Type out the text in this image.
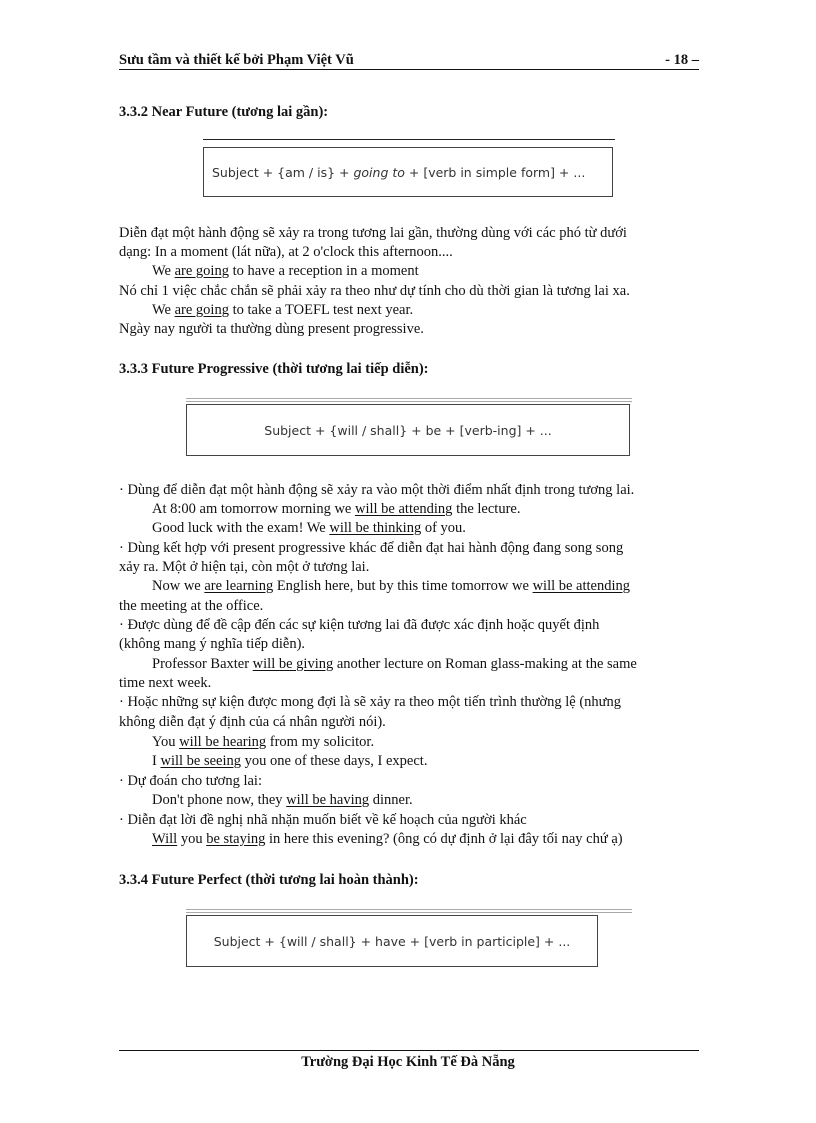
Sưu tầm và thiết kế bởi Phạm Việt Vũ	- 18 –
3.3.2 Near Future (tương lai gần):
Subject + {am / is} + going to + [verb in simple form] + ...
Diễn đạt một hành động sẽ xảy ra trong tương lai gần, thường dùng với các phó từ dưới
dạng: In a moment (lát nữa), at 2 o'clock this afternoon....
We are going to have a reception in a moment
Nó chỉ 1 việc chắc chắn sẽ phải xảy ra theo như dự tính cho dù thời gian là tương lai xa.
We are going to take a TOEFL test next year.
Ngày nay người ta thường dùng present progressive.
3.3.3 Future Progressive (thời tương lai tiếp diễn):
Subject + {will / shall} + be + [verb-ing] + ...
· Dùng để diễn đạt một hành động sẽ xảy ra vào một thời điểm nhất định trong tương lai.
At 8:00 am tomorrow morning we will be attending the lecture.
Good luck with the exam! We will be thinking of you.
· Dùng kết hợp với present progressive khác để diễn đạt hai hành động đang song song
xảy ra. Một ở hiện tại, còn một ở tương lai.
Now we are learning English here, but by this time tomorrow we will be attending
the meeting at the office.
· Được dùng để đề cập đến các sự kiện tương lai đã được xác định hoặc quyết định
(không mang ý nghĩa tiếp diễn).
Professor Baxter will be giving another lecture on Roman glass-making at the same
time next week.
· Hoặc những sự kiện được mong đợi là sẽ xảy ra theo một tiến trình thường lệ (nhưng
không diễn đạt ý định của cá nhân người nói).
You will be hearing from my solicitor.
I will be seeing you one of these days, I expect.
· Dự đoán cho tương lai:
Don't phone now, they will be having dinner.
· Diễn đạt lời đề nghị nhã nhặn muốn biết về kế hoạch của người khác
Will you be staying in here this evening? (ông có dự định ở lại đây tối nay chứ ạ)
3.3.4 Future Perfect (thời tương lai hoàn thành):
Subject + {will / shall} + have + [verb in participle] + ...
Trường Đại Học Kinh Tế Đà Nẵng
